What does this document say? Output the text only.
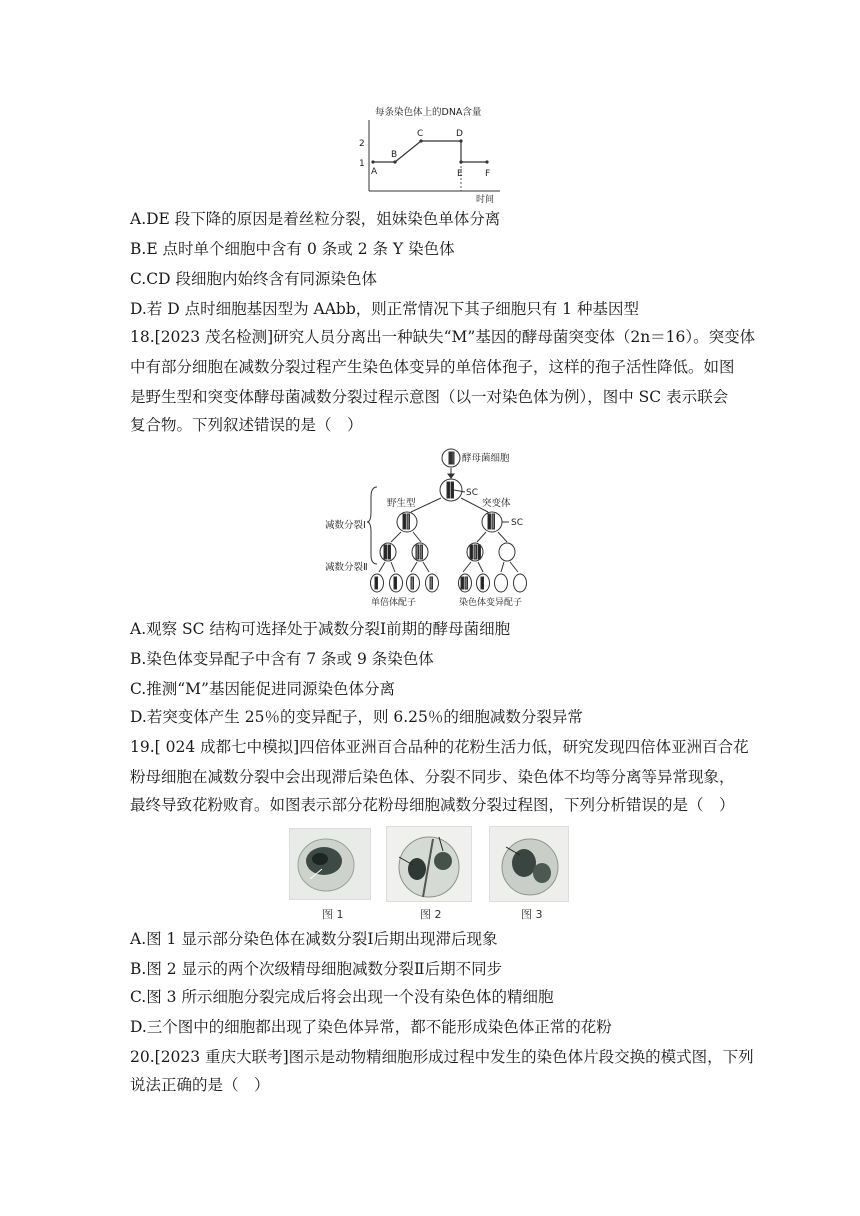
每条染色体上的DNA含量
2
1
A
B
C	D
E F
时间
A.DE 段下降的原因是着丝粒分裂，姐妹染色单体分离
B.E 点时单个细胞中含有 0 条或 2 条 Y 染色体
C.CD 段细胞内始终含有同源染色体
D.若 D 点时细胞基因型为 AAbb，则正常情况下其子细胞只有 1 种基因型
18.[2023 茂名检测]研究人员分离出一种缺失“M”基因的酵母菌突变体（2n＝16）。突变体
中有部分细胞在减数分裂过程产生染色体变异的单倍体孢子，这样的孢子活性降低。如图
是野生型和突变体酵母菌减数分裂过程示意图（以一对染色体为例），图中 SC 表示联会
复合物。下列叙述错误的是（　）
酵母菌细胞
SC
SC
野生型	突变体
减数分裂Ⅰ
减数分裂Ⅱ
单倍体配子	染色体变异配子
A.观察 SC 结构可选择处于减数分裂Ⅰ前期的酵母菌细胞
B.染色体变异配子中含有 7 条或 9 条染色体
C.推测“M”基因能促进同源染色体分离
D.若突变体产生 25％的变异配子，则 6.25％的细胞减数分裂异常
19.[ 024 成都七中模拟]四倍体亚洲百合品种的花粉生活力低，研究发现四倍体亚洲百合花
粉母细胞在减数分裂中会出现滞后染色体、分裂不同步、染色体不均等分离等异常现象，
最终导致花粉败育。如图表示部分花粉母细胞减数分裂过程图，下列分析错误的是（　）
图 1	图 2	图 3
A.图 1 显示部分染色体在减数分裂Ⅰ后期出现滞后现象
B.图 2 显示的两个次级精母细胞减数分裂Ⅱ后期不同步
C.图 3 所示细胞分裂完成后将会出现一个没有染色体的精细胞
D.三个图中的细胞都出现了染色体异常，都不能形成染色体正常的花粉
20.[2023 重庆大联考]图示是动物精细胞形成过程中发生的染色体片段交换的模式图，下列
说法正确的是（　）
